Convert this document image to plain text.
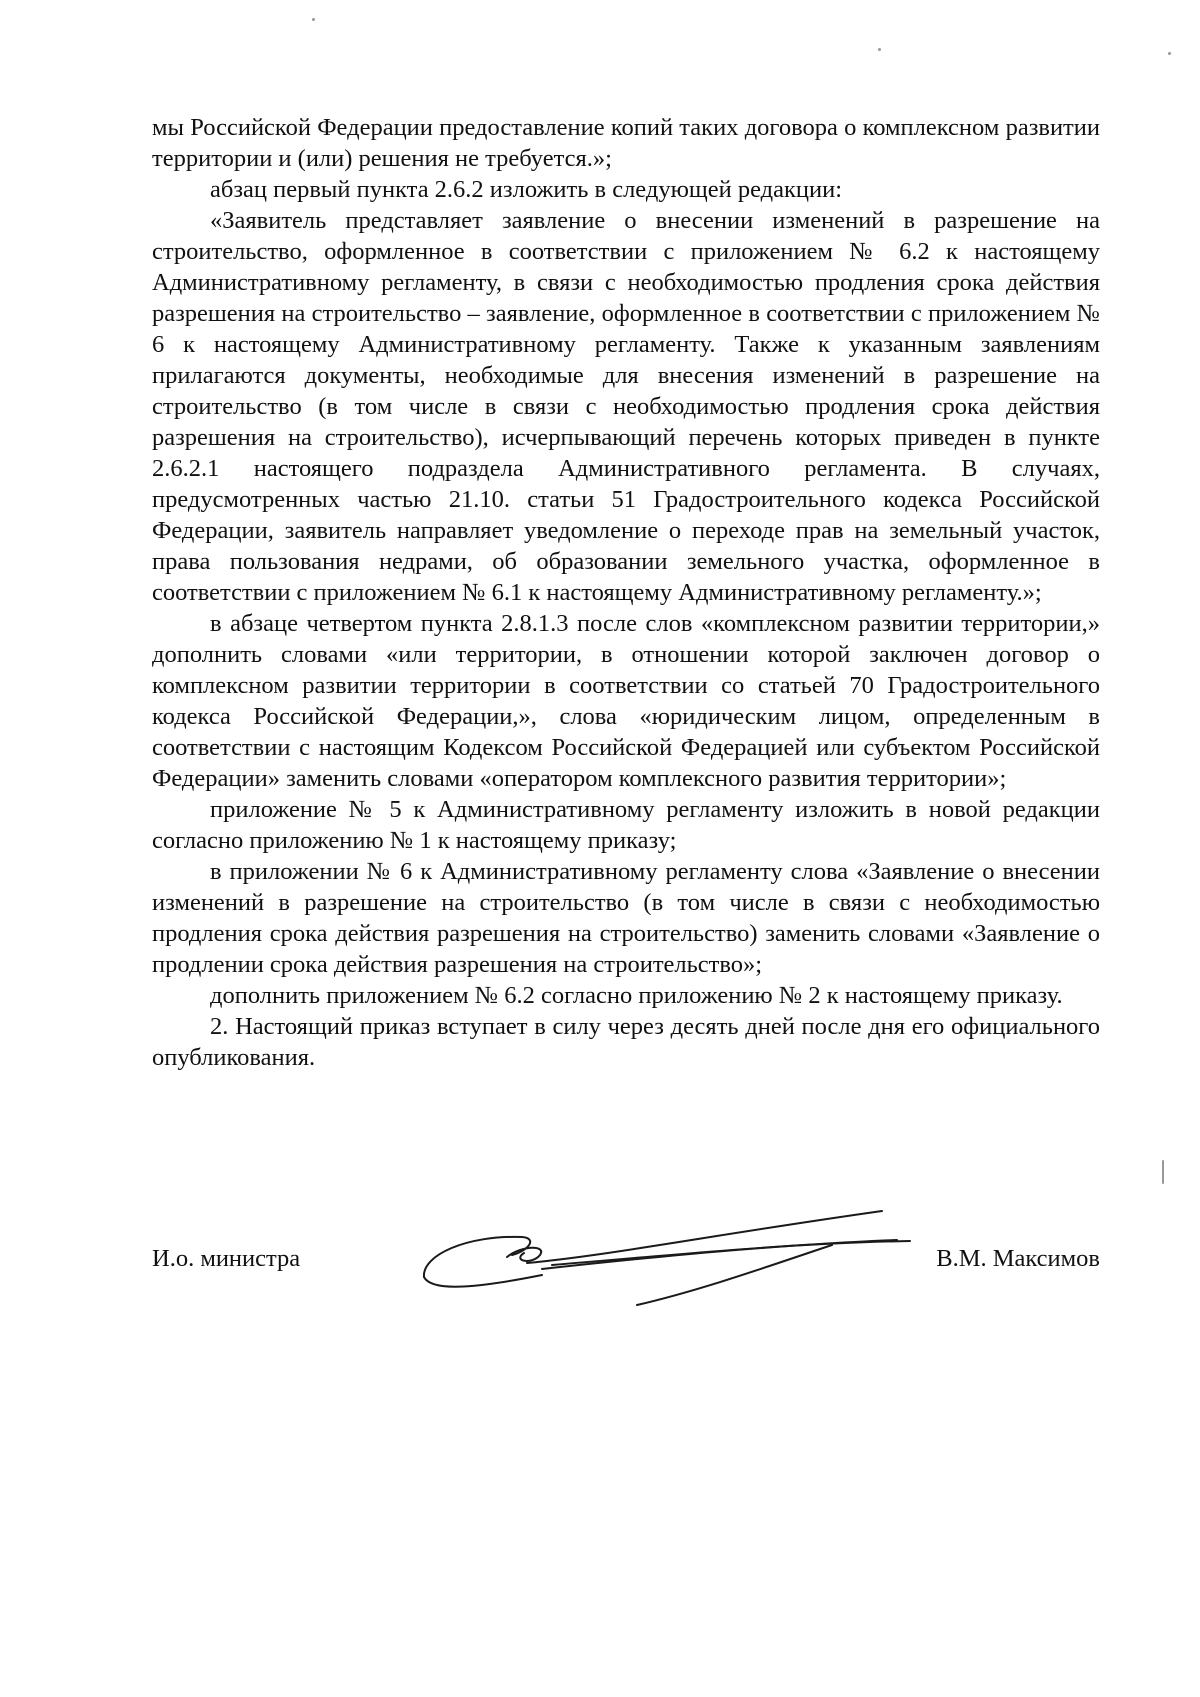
мы Российской Федерации предоставление копий таких договора о комплексном развитии территории и (или) решения не требуется.»;

абзац первый пункта 2.6.2 изложить в следующей редакции:

«Заявитель представляет заявление о внесении изменений в разрешение на строительство, оформленное в соответствии с приложением № 6.2 к настоящему Административному регламенту, в связи с необходимостью продления срока действия разрешения на строительство – заявление, оформленное в соответствии с приложением № 6 к настоящему Административному регламенту. Также к указанным заявлениям прилагаются документы, необходимые для внесения изменений в разрешение на строительство (в том числе в связи с необходимостью продления срока действия разрешения на строительство), исчерпывающий перечень которых приведен в пункте 2.6.2.1 настоящего подраздела Административного регламента. В случаях, предусмотренных частью 21.10. статьи 51 Градостроительного кодекса Российской Федерации, заявитель направляет уведомление о переходе прав на земельный участок, права пользования недрами, об образовании земельного участка, оформленное в соответствии с приложением № 6.1 к настоящему Административному регламенту.»;

в абзаце четвертом пункта 2.8.1.3 после слов «комплексном развитии территории,» дополнить словами «или территории, в отношении которой заключен договор о комплексном развитии территории в соответствии со статьей 70 Градостроительного кодекса Российской Федерации,», слова «юридическим лицом, определенным в соответствии с настоящим Кодексом Российской Федерацией или субъектом Российской Федерации» заменить словами «оператором комплексного развития территории»;

приложение № 5 к Административному регламенту изложить в новой редакции согласно приложению № 1 к настоящему приказу;

в приложении № 6 к Административному регламенту слова «Заявление о внесении изменений в разрешение на строительство (в том числе в связи с необходимостью продления срока действия разрешения на строительство) заменить словами «Заявление о продлении срока действия разрешения на строительство»;

дополнить приложением № 6.2 согласно приложению № 2 к настоящему приказу.

2. Настоящий приказ вступает в силу через десять дней после дня его официального опубликования.

И.о. министра	В.М. Максимов
